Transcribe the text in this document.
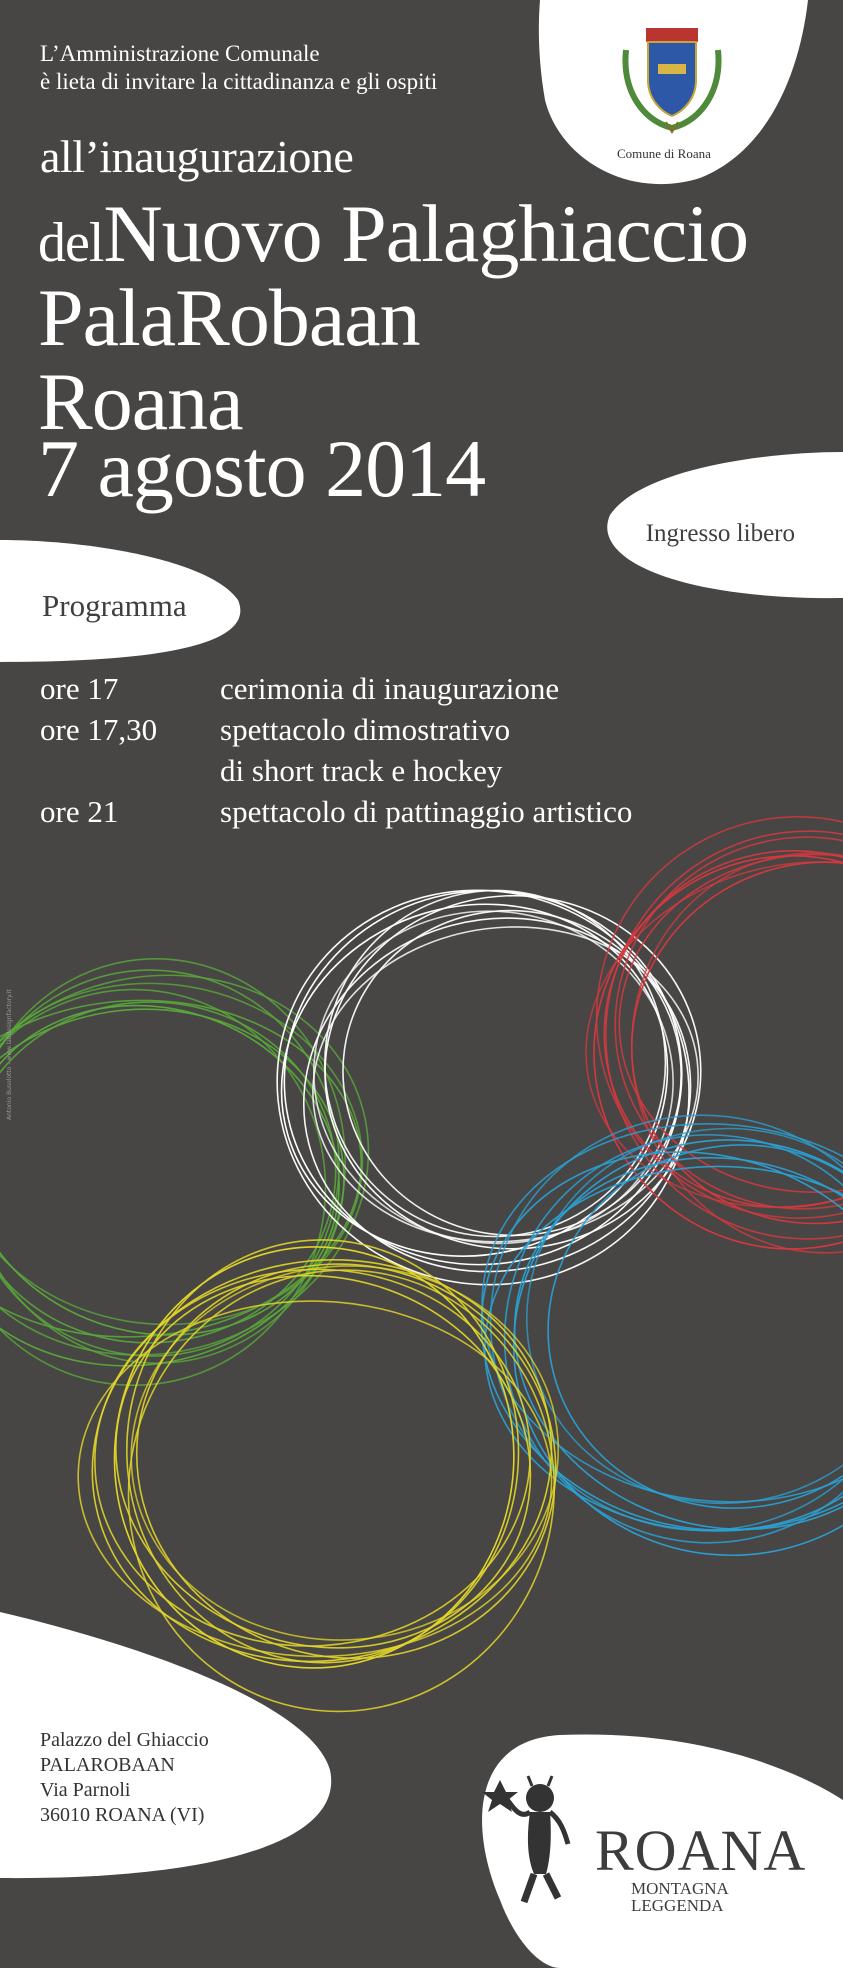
L’Amministrazione Comunale
è lieta di invitare la cittadinanza e gli ospiti
Comune di Roana
all’inaugurazione
delNuovo Palaghiaccio
PalaRobaan
Roana
7 agosto 2014
Ingresso libero
Programma
ore 17	cerimonia di inaugurazione
ore 17,30	spettacolo dimostrativo
di short track e hockey
ore 21	spettacolo di pattinaggio artistico
Antonio Busolotto - www.labdesignfactory.it
Palazzo del Ghiaccio
PALAROBAAN
Via Parnoli
36010 ROANA (VI)
ROANA
MONTAGNA
LEGGENDA
